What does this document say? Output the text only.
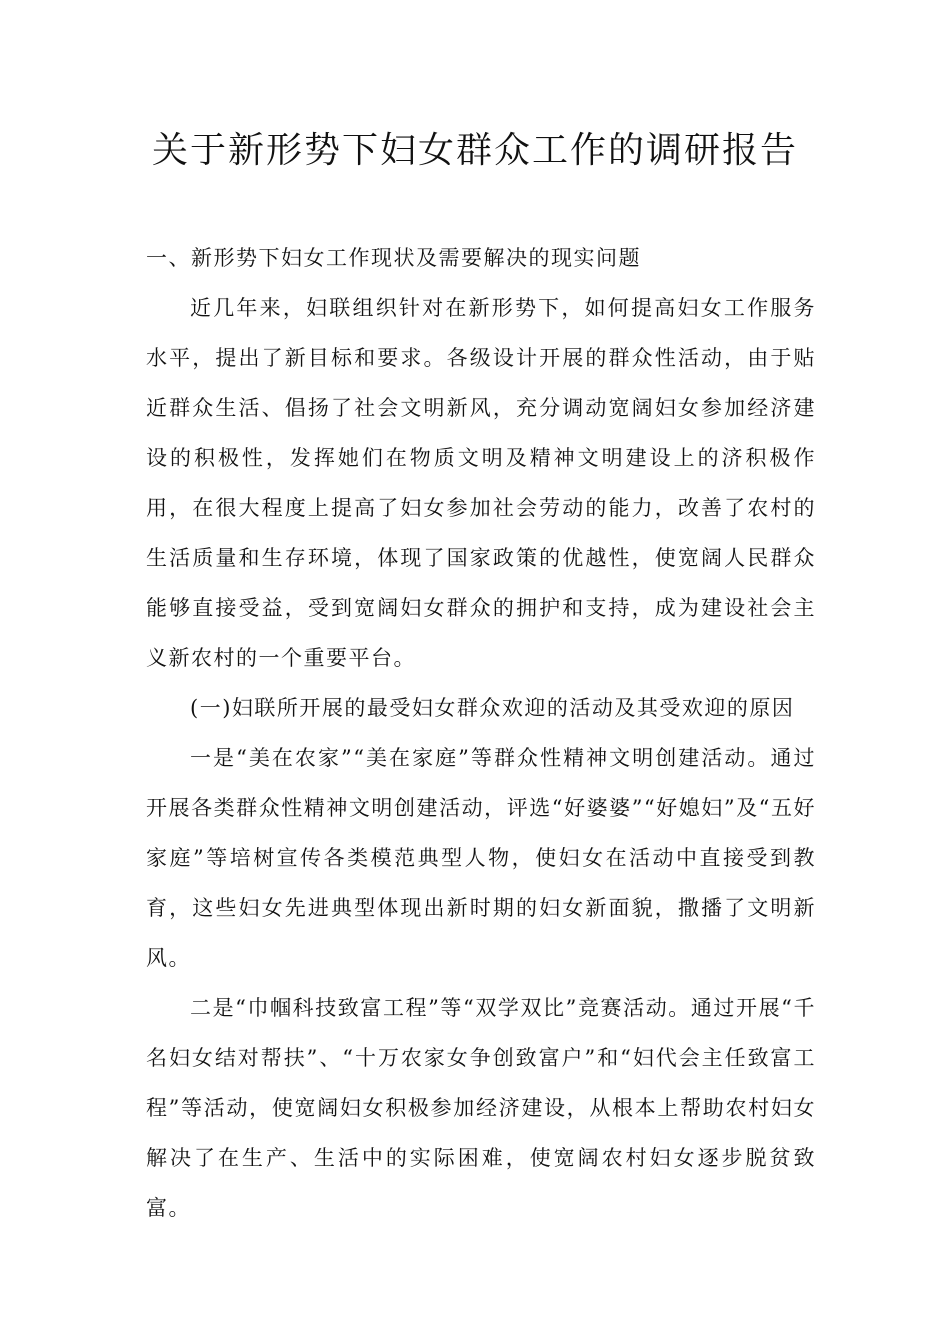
关于新形势下妇女群众工作的调研报告

一、新形势下妇女工作现状及需要解决的现实问题

近几年来，妇联组织针对在新形势下，如何提高妇女工作服务水平，提出了新目标和要求。各级设计开展的群众性活动，由于贴近群众生活、倡扬了社会文明新风，充分调动宽阔妇女参加经济建设的积极性，发挥她们在物质文明及精神文明建设上的济积极作用，在很大程度上提高了妇女参加社会劳动的能力，改善了农村的生活质量和生存环境，体现了国家政策的优越性，使宽阔人民群众能够直接受益，受到宽阔妇女群众的拥护和支持，成为建设社会主义新农村的一个重要平台。

(一)妇联所开展的最受妇女群众欢迎的活动及其受欢迎的原因

一是“美在农家”“美在家庭”等群众性精神文明创建活动。通过开展各类群众性精神文明创建活动，评选“好婆婆”“好媳妇”及“五好家庭”等培树宣传各类模范典型人物，使妇女在活动中直接受到教育，这些妇女先进典型体现出新时期的妇女新面貌，撒播了文明新风。

二是“巾帼科技致富工程”等“双学双比”竞赛活动。通过开展“千名妇女结对帮扶”、“十万农家女争创致富户”和“妇代会主任致富工程”等活动，使宽阔妇女积极参加经济建设，从根本上帮助农村妇女解决了在生产、生活中的实际困难，使宽阔农村妇女逐步脱贫致富。
